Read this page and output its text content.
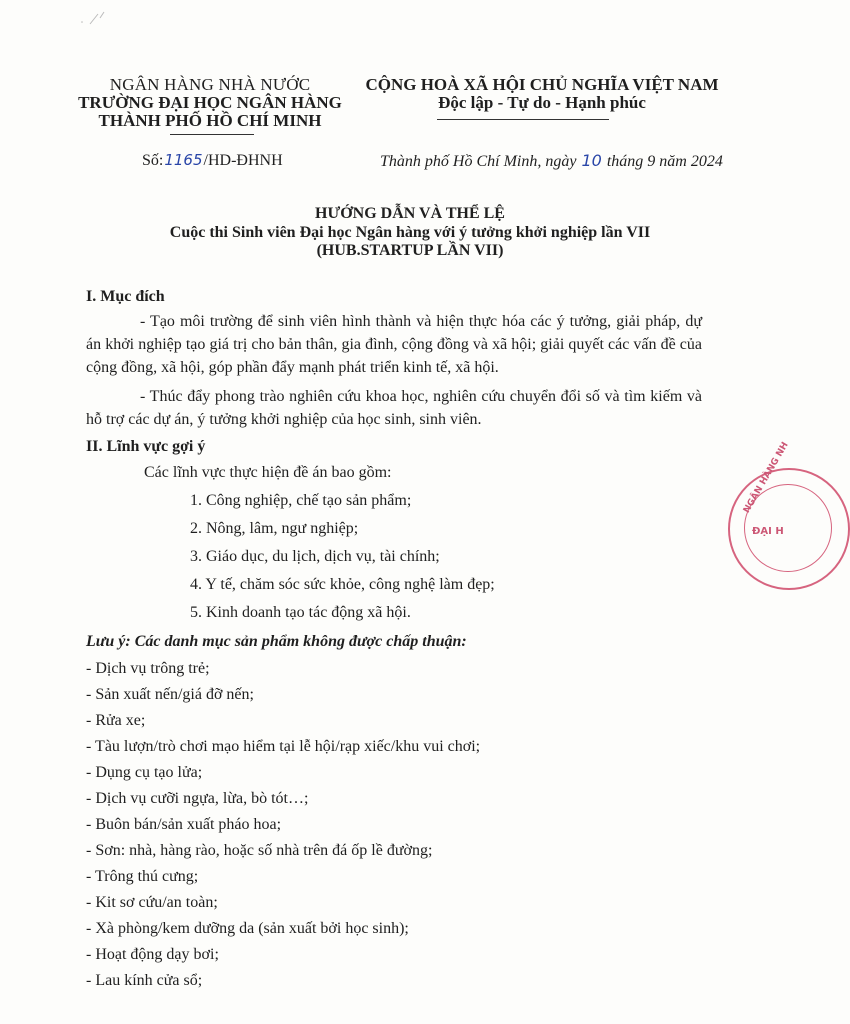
NGÂN HÀNG NHÀ NƯỚC
TRƯỜNG ĐẠI HỌC NGÂN HÀNG
THÀNH PHỐ HỒ CHÍ MINH
CỘNG HOÀ XÃ HỘI CHỦ NGHĨA VIỆT NAM
Độc lập - Tự do - Hạnh phúc
Số:1165/HD-ĐHNH	Thành phố Hồ Chí Minh, ngày 10 tháng 9 năm 2024
HƯỚNG DẪN VÀ THỂ LỆ
Cuộc thi Sinh viên Đại học Ngân hàng với ý tưởng khởi nghiệp lần VII
(HUB.STARTUP LẦN VII)

I. Mục đích

- Tạo môi trường để sinh viên hình thành và hiện thực hóa các ý tưởng, giải pháp, dự án khởi nghiệp tạo giá trị cho bản thân, gia đình, cộng đồng và xã hội; giải quyết các vấn đề của cộng đồng, xã hội, góp phần đẩy mạnh phát triển kinh tế, xã hội.

- Thúc đẩy phong trào nghiên cứu khoa học, nghiên cứu chuyển đổi số và tìm kiếm và hỗ trợ các dự án, ý tưởng khởi nghiệp của học sinh, sinh viên.

II. Lĩnh vực gợi ý

Các lĩnh vực thực hiện đề án bao gồm:

1. Công nghiệp, chế tạo sản phẩm;

2. Nông, lâm, ngư nghiệp;

3. Giáo dục, du lịch, dịch vụ, tài chính;

4. Y tế, chăm sóc sức khỏe, công nghệ làm đẹp;

5. Kinh doanh tạo tác động xã hội.

Lưu ý: Các danh mục sản phẩm không được chấp thuận:

- Dịch vụ trông trẻ;

- Sản xuất nến/giá đỡ nến;

- Rửa xe;

- Tàu lượn/trò chơi mạo hiểm tại lễ hội/rạp xiếc/khu vui chơi;

- Dụng cụ tạo lửa;

- Dịch vụ cưỡi ngựa, lừa, bò tót…;

- Buôn bán/sản xuất pháo hoa;

- Sơn: nhà, hàng rào, hoặc số nhà trên đá ốp lề đường;

- Trông thú cưng;

- Kit sơ cứu/an toàn;

- Xà phòng/kem dưỡng da (sản xuất bởi học sinh);

- Hoạt động dạy bơi;

- Lau kính cửa sổ;

NGÂN HÀNG NH
ĐẠI H
